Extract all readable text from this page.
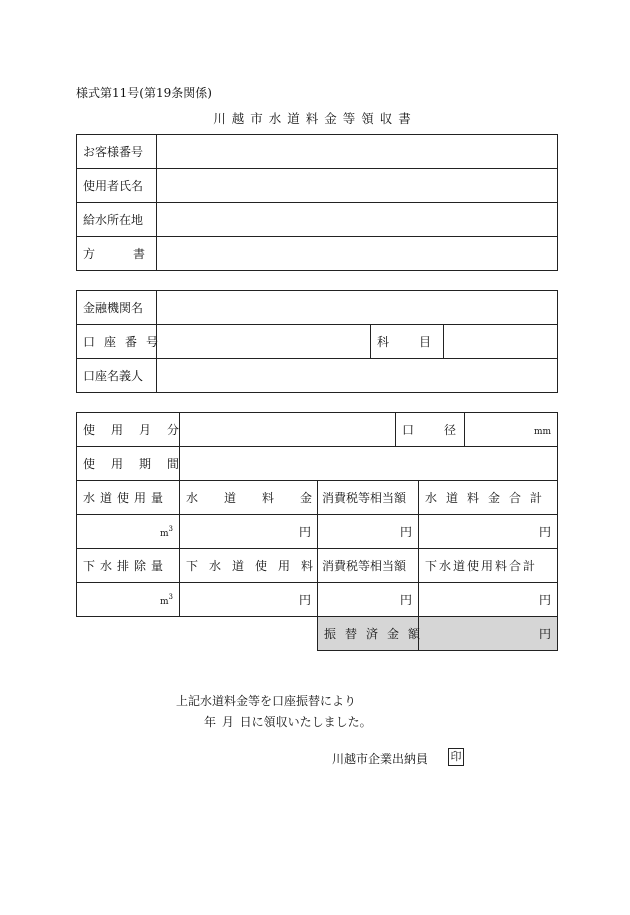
様式第11号(第19条関係)
川越市水道料金等領収書
お客様番号	
使用者氏名	
給水所在地	
方書	
金融機関名			
口座番号		科目	
口座名義人			
使用月分			口径		mm
使用期間					
水道使用量	水道料金	消費税等相当額		水道料金合計	
$m^3$	円	円		円	
下水排除量	下水道使用料	消費税等相当額		下水道使用料合計	
$m^3$	円	円		円	
		振替済金額		円	
上記水道料金等を口座振替により
年 月 日に領収いたしました。
川越市企業出納員 印
